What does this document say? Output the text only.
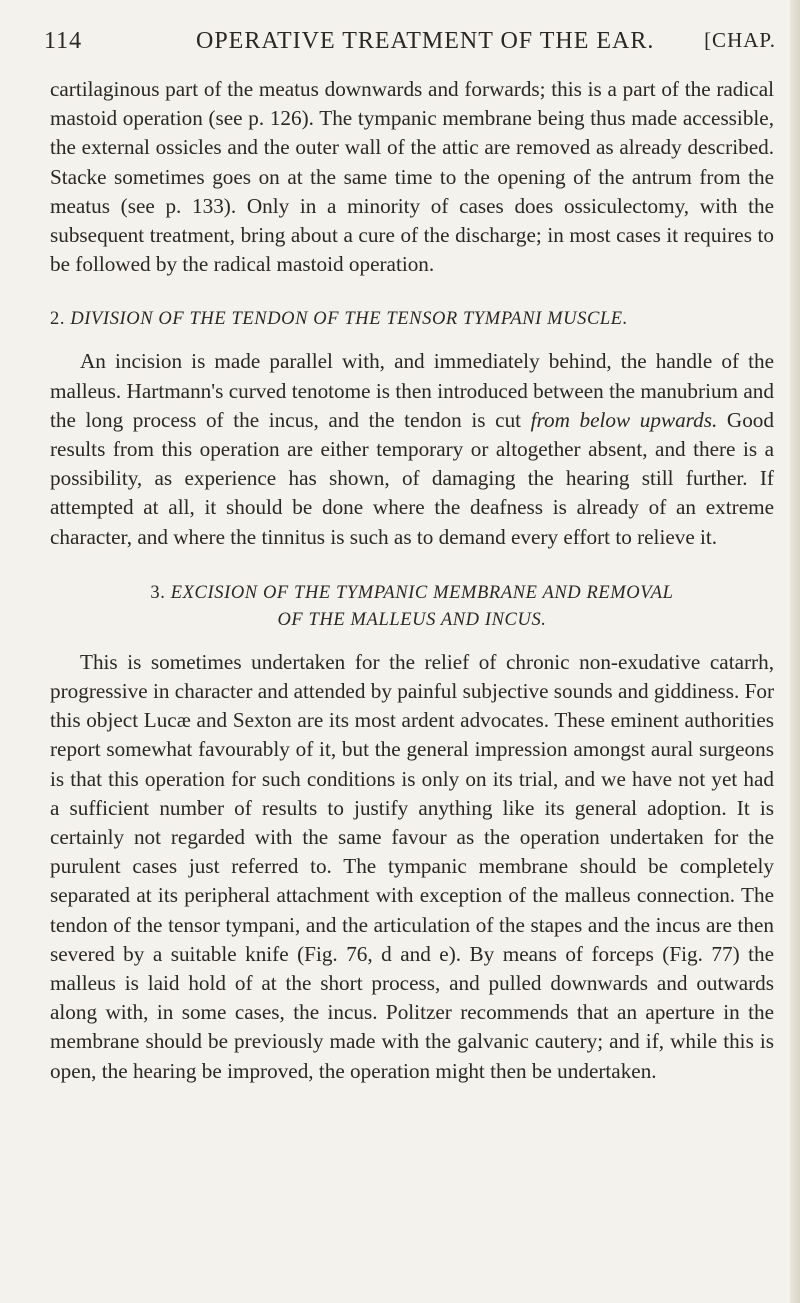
114	OPERATIVE TREATMENT OF THE EAR. [CHAP.

cartilaginous part of the meatus downwards and forwards; this is a part of the radical mastoid operation (see p. 126). The tympanic membrane being thus made accessible, the external ossicles and the outer wall of the attic are removed as already described. Stacke sometimes goes on at the same time to the opening of the antrum from the meatus (see p. 133). Only in a minority of cases does ossiculectomy, with the subsequent treatment, bring about a cure of the discharge; in most cases it requires to be followed by the radical mastoid operation.

2. DIVISION OF THE TENDON OF THE TENSOR TYMPANI MUSCLE.

An incision is made parallel with, and immediately behind, the handle of the malleus. Hartmann's curved tenotome is then introduced between the manubrium and the long process of the incus, and the tendon is cut from below upwards. Good results from this operation are either temporary or altogether absent, and there is a possibility, as experience has shown, of damaging the hearing still further. If attempted at all, it should be done where the deafness is already of an extreme character, and where the tinnitus is such as to demand every effort to relieve it.

3. EXCISION OF THE TYMPANIC MEMBRANE AND REMOVAL
OF THE MALLEUS AND INCUS.

This is sometimes undertaken for the relief of chronic non-exudative catarrh, progressive in character and attended by painful subjective sounds and giddiness. For this object Lucæ and Sexton are its most ardent advocates. These eminent authorities report somewhat favourably of it, but the general impression amongst aural surgeons is that this operation for such conditions is only on its trial, and we have not yet had a sufficient number of results to justify anything like its general adoption. It is certainly not regarded with the same favour as the operation undertaken for the purulent cases just referred to. The tympanic membrane should be completely separated at its peripheral attachment with exception of the malleus connection. The tendon of the tensor tympani, and the articulation of the stapes and the incus are then severed by a suitable knife (Fig. 76, d and e). By means of forceps (Fig. 77) the malleus is laid hold of at the short process, and pulled downwards and outwards along with, in some cases, the incus. Politzer recommends that an aperture in the membrane should be previously made with the galvanic cautery; and if, while this is open, the hearing be improved, the operation might then be undertaken.
